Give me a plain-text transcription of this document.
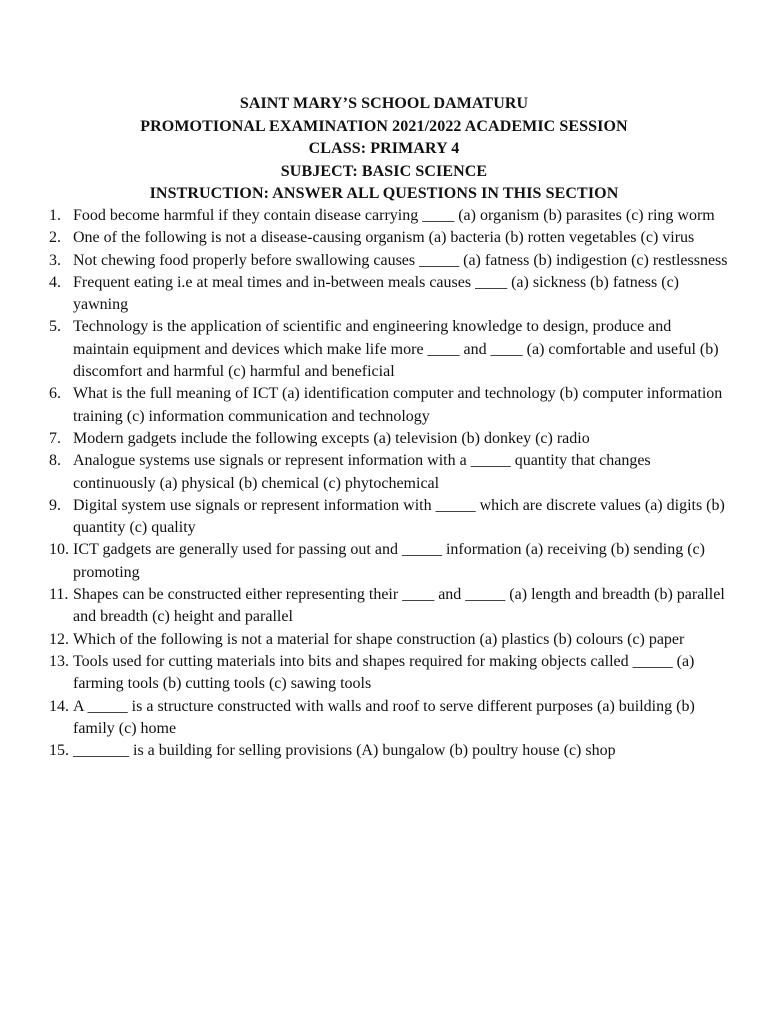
SAINT MARY’S SCHOOL DAMATURU
PROMOTIONAL EXAMINATION 2021/2022 ACADEMIC SESSION
CLASS: PRIMARY 4
SUBJECT: BASIC SCIENCE
INSTRUCTION: ANSWER ALL QUESTIONS IN THIS SECTION
1. Food become harmful if they contain disease carrying ____ (a) organism (b) parasites (c) ring worm
2. One of the following is not a disease-causing organism (a) bacteria (b) rotten vegetables (c) virus
3. Not chewing food properly before swallowing causes _____ (a) fatness (b) indigestion (c) restlessness
4. Frequent eating i.e at meal times and in-between meals causes ____ (a) sickness (b) fatness (c) yawning
5. Technology is the application of scientific and engineering knowledge to design, produce and maintain equipment and devices which make life more ____ and ____ (a) comfortable and useful (b) discomfort and harmful (c) harmful and beneficial
6. What is the full meaning of ICT (a) identification computer and technology (b) computer information training (c) information communication and technology
7. Modern gadgets include the following excepts (a) television (b) donkey (c) radio
8. Analogue systems use signals or represent information with a _____ quantity that changes continuously (a) physical (b) chemical (c) phytochemical
9. Digital system use signals or represent information with _____ which are discrete values (a) digits (b) quantity (c) quality
10. ICT gadgets are generally used for passing out and _____ information (a) receiving (b) sending (c) promoting
11. Shapes can be constructed either representing their ____ and _____ (a) length and breadth (b) parallel and breadth (c) height and parallel
12. Which of the following is not a material for shape construction (a) plastics (b) colours (c) paper
13. Tools used for cutting materials into bits and shapes required for making objects called _____ (a) farming tools (b) cutting tools (c) sawing tools
14. A _____ is a structure constructed with walls and roof to serve different purposes (a) building (b) family (c) home
15. _______ is a building for selling provisions (A) bungalow (b) poultry house (c) shop
